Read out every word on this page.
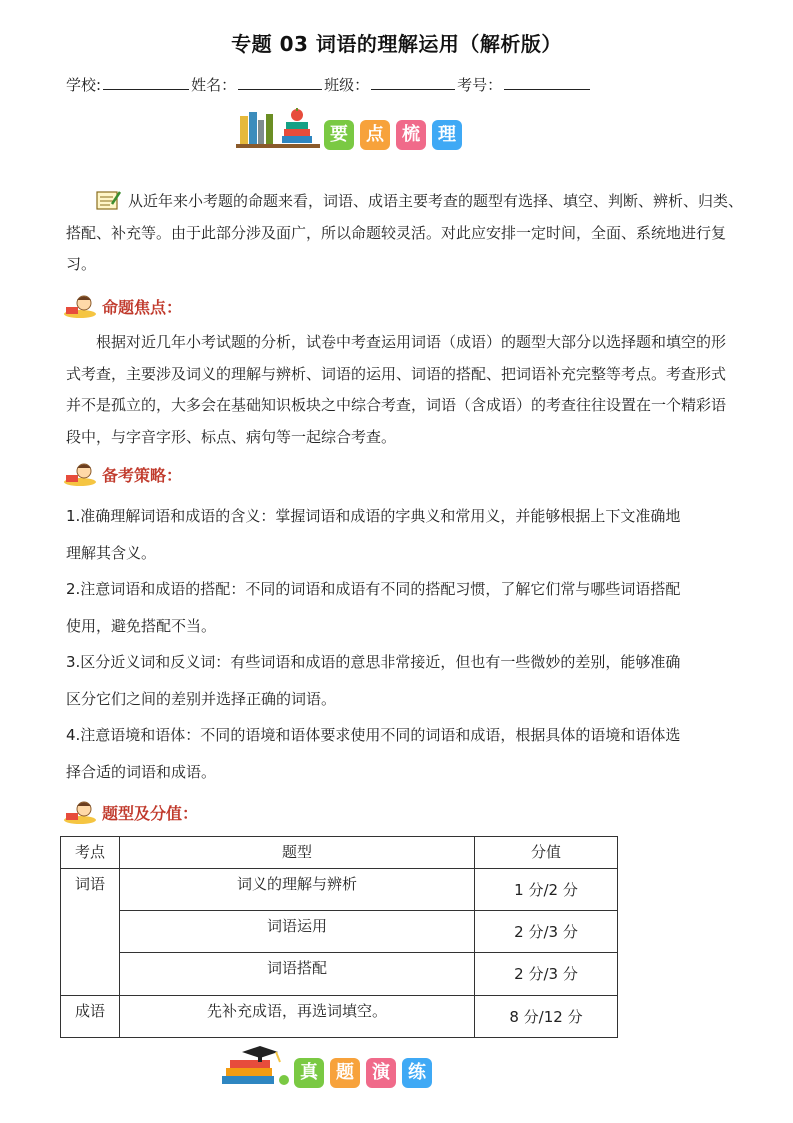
专题 03 词语的理解运用（解析版）
学校:	姓名：	班级：	考号：
要	点	梳	理
从近年来小考题的命题来看，词语、成语主要考查的题型有选择、填空、判断、辨析、归类、搭配、补充等。由于此部分涉及面广，所以命题较灵活。对此应安排一定时间，全面、系统地进行复习。
命题焦点：
根据对近几年小考试题的分析，试卷中考查运用词语（成语）的题型大部分以选择题和填空的形式考查，主要涉及词义的理解与辨析、词语的运用、词语的搭配、把词语补充完整等考点。考查形式并不是孤立的，大多会在基础知识板块之中综合考查，词语（含成语）的考查往往设置在一个精彩语段中，与字音字形、标点、病句等一起综合考查。
备考策略：
1.准确理解词语和成语的含义：掌握词语和成语的字典义和常用义，并能够根据上下文准确地
理解其含义。
2.注意词语和成语的搭配：不同的词语和成语有不同的搭配习惯，了解它们常与哪些词语搭配
使用，避免搭配不当。
3.区分近义词和反义词：有些词语和成语的意思非常接近，但也有一些微妙的差别，能够准确
区分它们之间的差别并选择正确的词语。
4.注意语境和语体：不同的语境和语体要求使用不同的词语和成语，根据具体的语境和语体选
择合适的词语和成语。
题型及分值：
考点	题型	分值
词语	词义的理解与辨析	1 分/2 分
	词语运用	2 分/3 分
	词语搭配	2 分/3 分
成语	先补充成语，再选词填空。	8 分/12 分
真	题	演	练
